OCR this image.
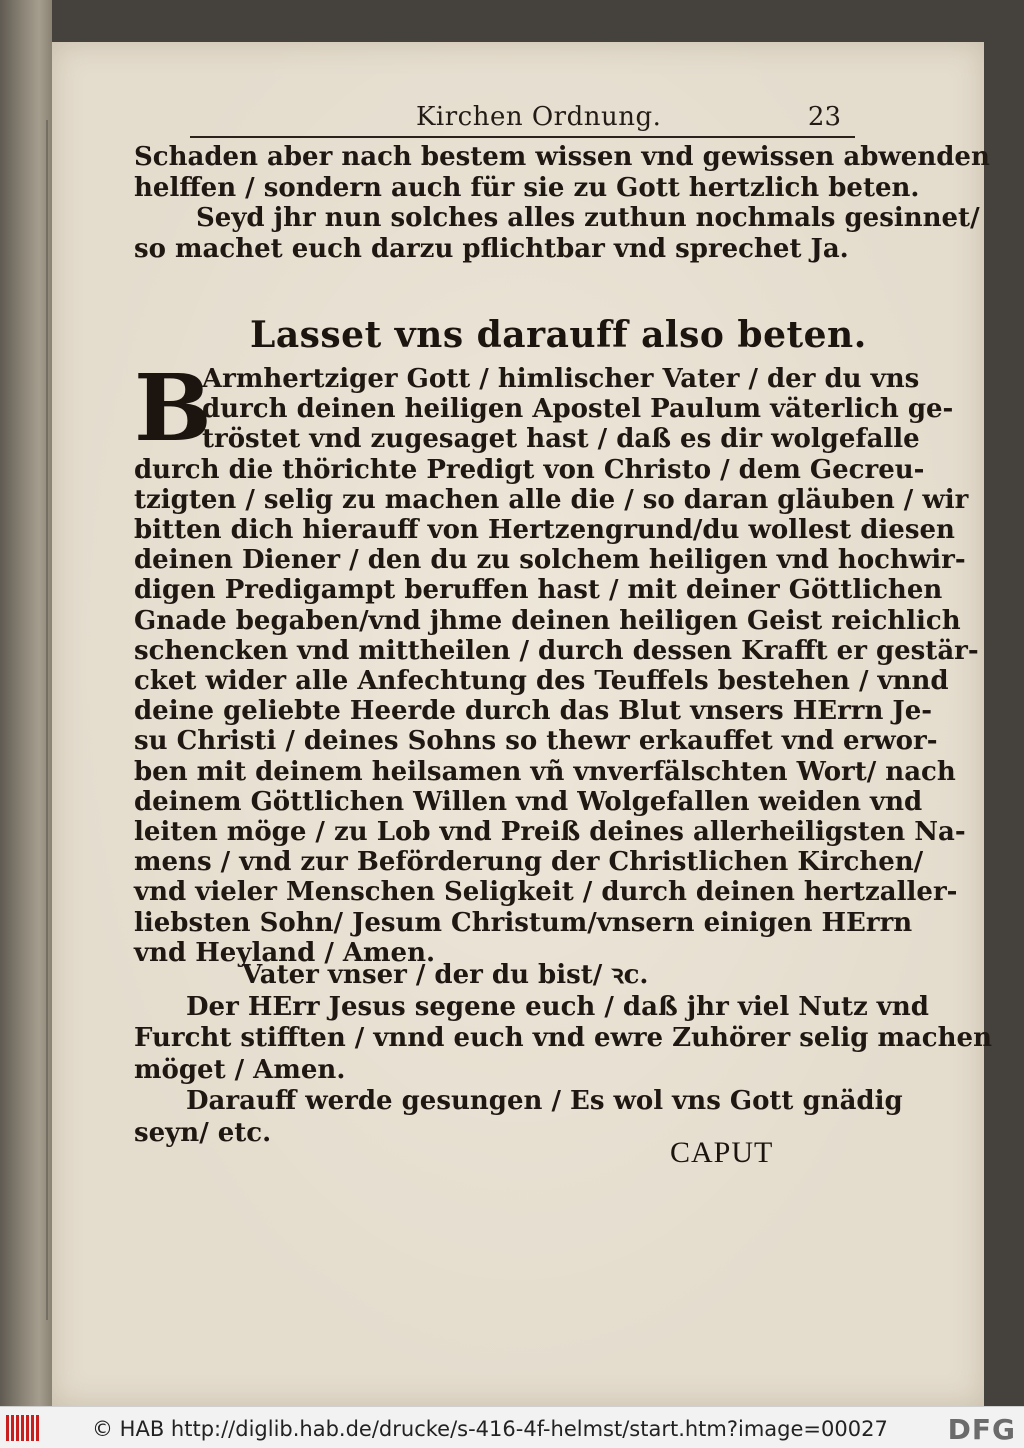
Kirchen Ordnung.	23
Schaden aber nach bestem wissen vnd gewissen abwenden
helffen / sondern auch für sie zu Gott hertzlich beten.
Seyd jhr nun solches alles zuthun nochmals gesinnet/
so machet euch darzu pflichtbar vnd sprechet Ja.
Lasset vns darauff also beten.
B
Armhertziger Gott / himlischer Vater / der du vns
durch deinen heiligen Apostel Paulum väterlich ge-
tröstet vnd zugesaget hast / daß es dir wolgefalle
durch die thörichte Predigt von Christo / dem Gecreu-
tzigten / selig zu machen alle die / so daran gläuben / wir
bitten dich hierauff von Hertzengrund/du wollest diesen
deinen Diener / den du zu solchem heiligen vnd hochwir-
digen Predigampt beruffen hast / mit deiner Göttlichen
Gnade begaben/vnd jhme deinen heiligen Geist reichlich
schencken vnd mittheilen / durch dessen Krafft er gestär-
cket wider alle Anfechtung des Teuffels bestehen / vnnd
deine geliebte Heerde durch das Blut vnsers HErrn Je-
su Christi / deines Sohns so thewr erkauffet vnd erwor-
ben mit deinem heilsamen vñ vnverfälschten Wort/ nach
deinem Göttlichen Willen vnd Wolgefallen weiden vnd
leiten möge / zu Lob vnd Preiß deines allerheiligsten Na-
mens / vnd zur Beförderung der Christlichen Kirchen/
vnd vieler Menschen Seligkeit / durch deinen hertzaller-
liebsten Sohn/ Jesum Christum/vnsern einigen HErrn
vnd Heyland / Amen.
Vater vnser / der du bist/ ꝛc.
Der HErr Jesus segene euch / daß jhr viel Nutz vnd
Furcht stifften / vnnd euch vnd ewre Zuhörer selig machen
möget / Amen.
Darauff werde gesungen / Es wol vns Gott gnädig
seyn/ etc.
CAPUT
© HAB http://diglib.hab.de/drucke/s-416-4f-helmst/start.htm?image=00027 DFG
